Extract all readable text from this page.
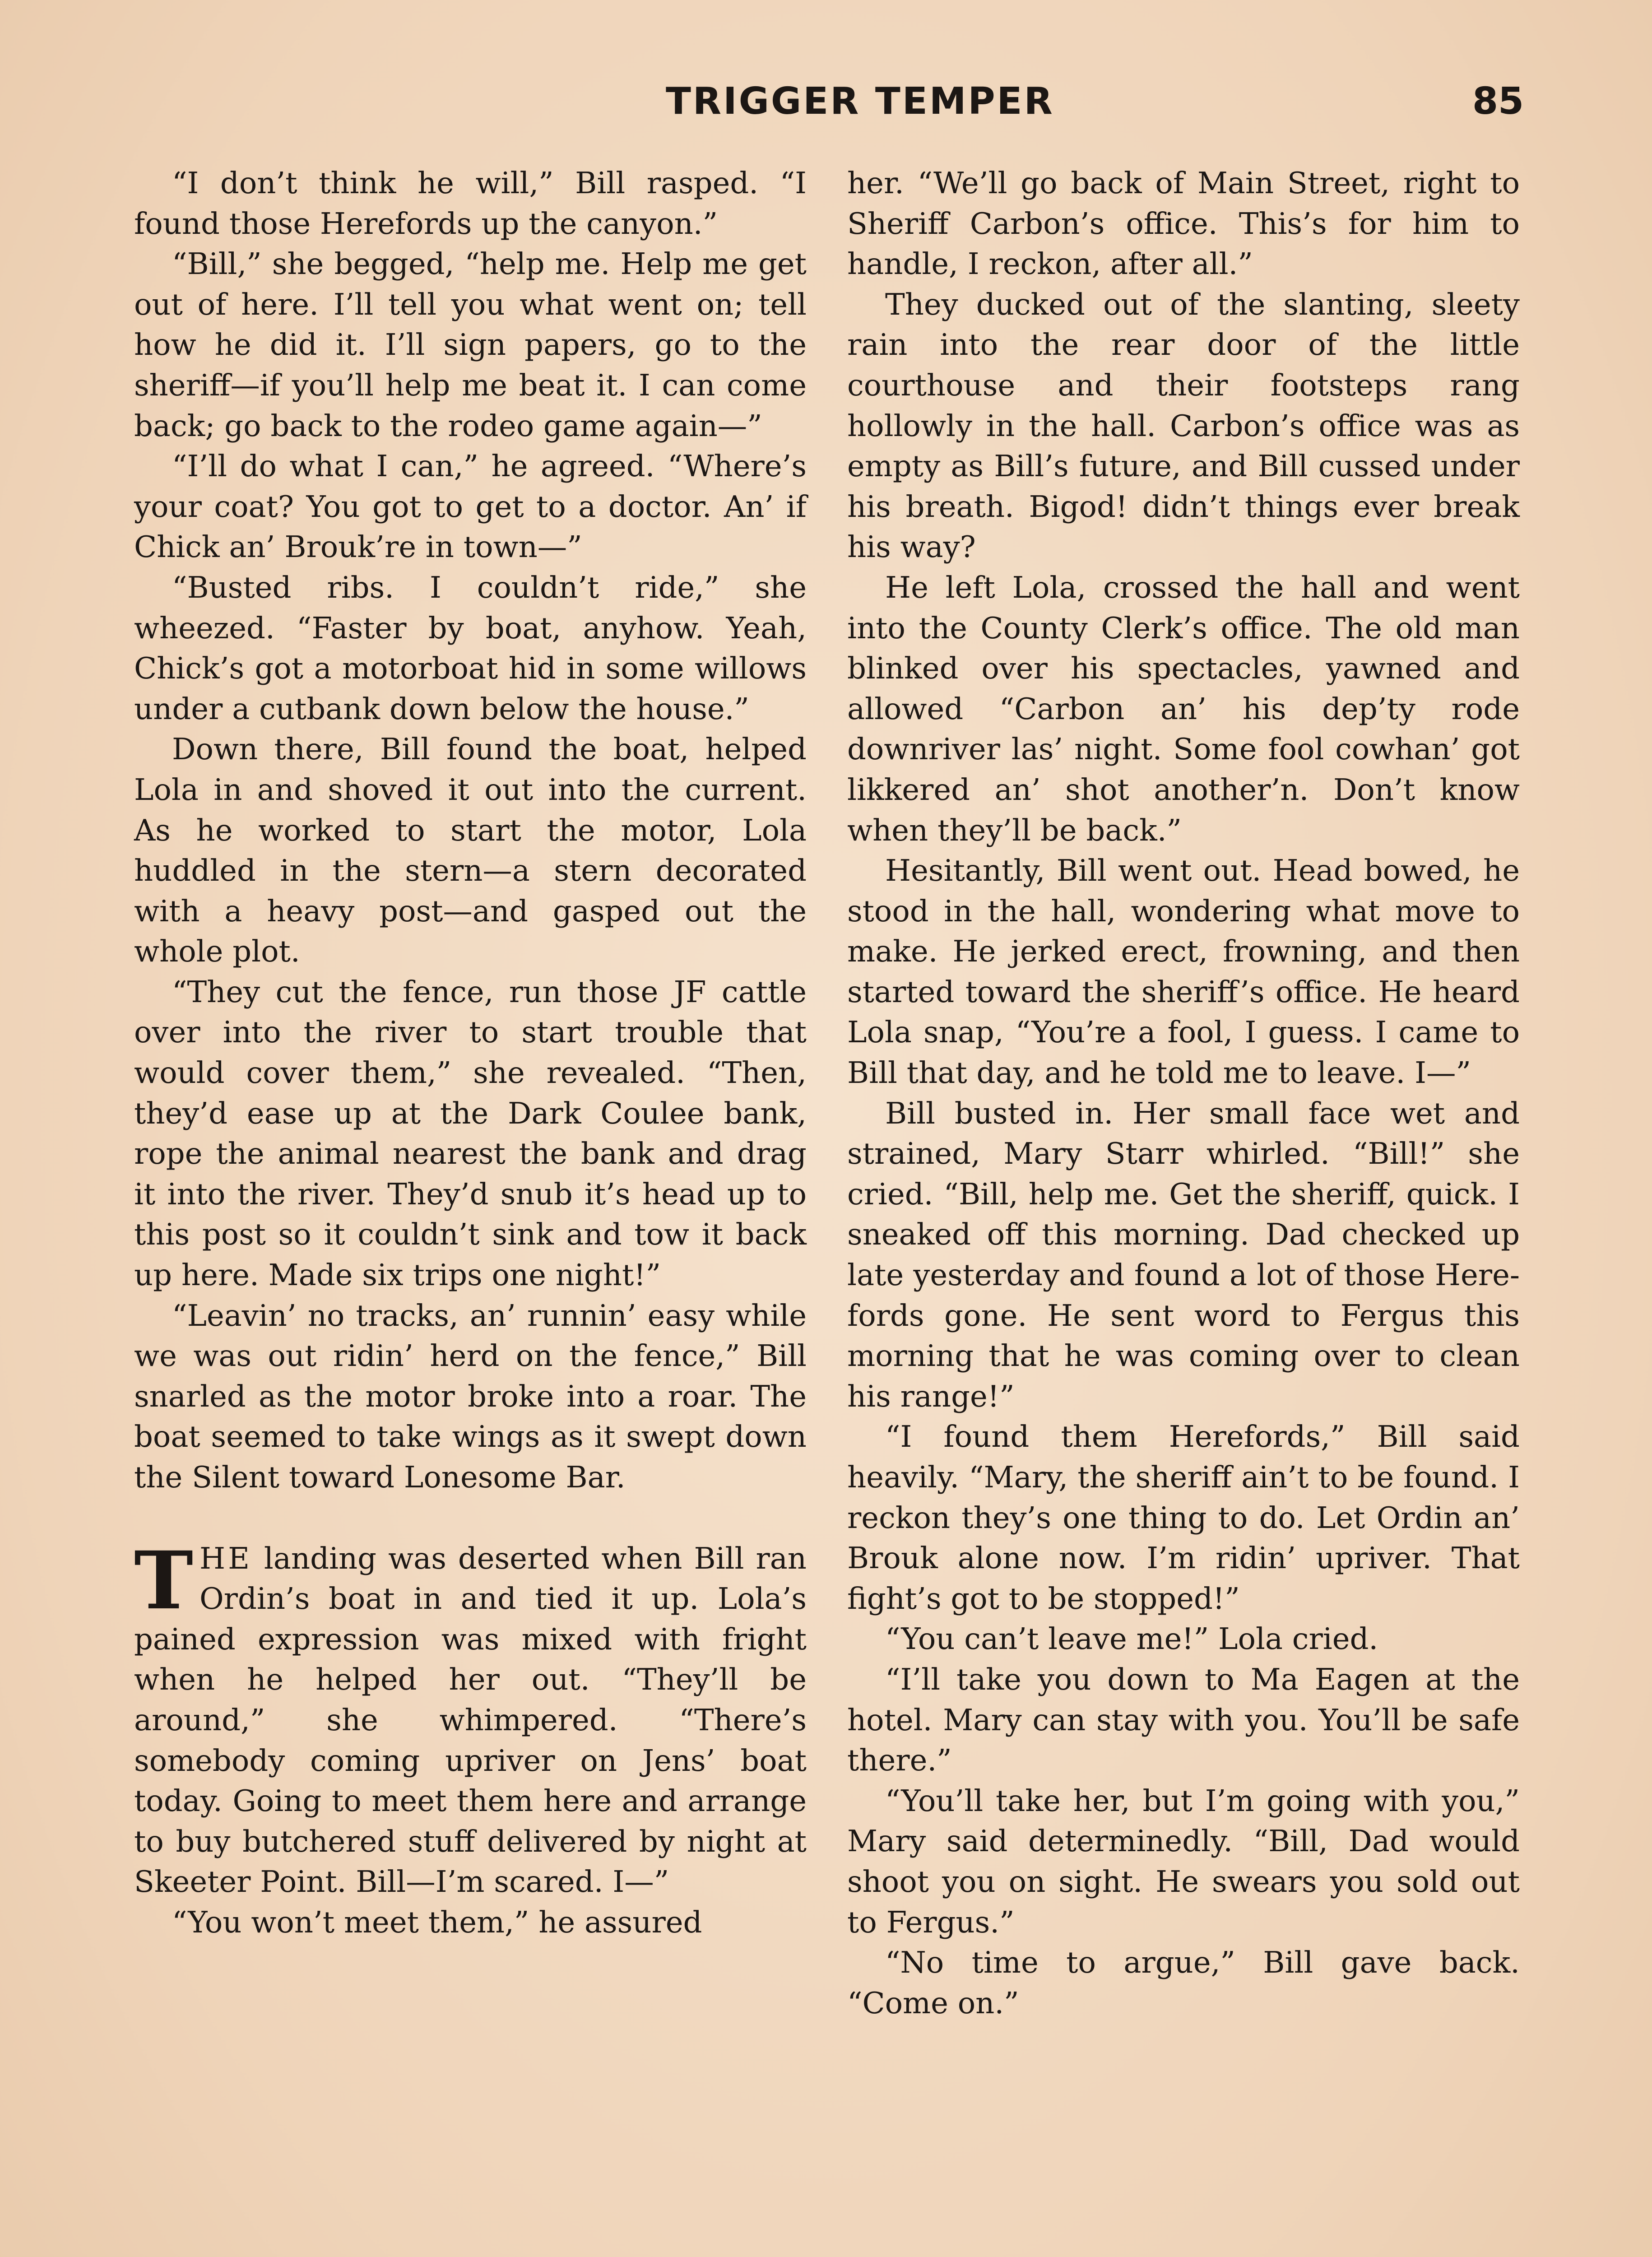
TRIGGER TEMPER	85

“I don’t think he will,” Bill rasped. “I found those Herefords up the canyon.”

“Bill,” she begged, “help me. Help me get out of here. I’ll tell you what went on; tell how he did it. I’ll sign papers, go to the sheriff—if you’ll help me beat it. I can come back; go back to the rodeo game again—”

“I’ll do what I can,” he agreed. “Where’s your coat? You got to get to a doctor. An’ if Chick an’ Brouk’re in town—”

“Busted ribs. I couldn’t ride,” she wheezed. “Faster by boat, anyhow. Yeah, Chick’s got a motorboat hid in some willows under a cutbank down below the house.”

Down there, Bill found the boat, helped Lola in and shoved it out into the current. As he worked to start the motor, Lola huddled in the stern—a stern decorated with a heavy post—and gasped out the whole plot.

“They cut the fence, run those JF cattle over into the river to start trouble that would cover them,” she revealed. “Then, they’d ease up at the Dark Coulee bank, rope the animal nearest the bank and drag it into the river. They’d snub it’s head up to this post so it couldn’t sink and tow it back up here. Made six trips one night!”

“Leavin’ no tracks, an’ runnin’ easy while we was out ridin’ herd on the fence,” Bill snarled as the motor broke into a roar. The boat seemed to take wings as it swept down the Silent toward Lonesome Bar.

THE landing was deserted when Bill ran Ordin’s boat in and tied it up. Lola’s pained expression was mixed with fright when he helped her out. “They’ll be around,” she whimpered. “There’s somebody coming upriver on Jens’ boat today. Going to meet them here and arrange to buy butchered stuff delivered by night at Skeeter Point. Bill—I’m scared. I—”

“You won’t meet them,” he assured

her. “We’ll go back of Main Street, right to Sheriff Carbon’s office. This’s for him to handle, I reckon, after all.”

They ducked out of the slanting, sleety rain into the rear door of the little courthouse and their footsteps rang hollowly in the hall. Carbon’s office was as empty as Bill’s future, and Bill cussed under his breath. Bigod! didn’t things ever break his way?

He left Lola, crossed the hall and went into the County Clerk’s office. The old man blinked over his spectacles, yawned and allowed “Carbon an’ his dep’ty rode downriver las’ night. Some fool cowhan’ got likkered an’ shot another’n. Don’t know when they’ll be back.”

Hesitantly, Bill went out. Head bowed, he stood in the hall, wondering what move to make. He jerked erect, frowning, and then started toward the sheriff’s office. He heard Lola snap, “You’re a fool, I guess. I came to Bill that day, and he told me to leave. I—”

Bill busted in. Her small face wet and strained, Mary Starr whirled. “Bill!” she cried. “Bill, help me. Get the sheriff, quick. I sneaked off this morning. Dad checked up late yesterday and found a lot of those Herefords gone. He sent word to Fergus this morning that he was coming over to clean his range!”

“I found them Herefords,” Bill said heavily. “Mary, the sheriff ain’t to be found. I reckon they’s one thing to do. Let Ordin an’ Brouk alone now. I’m ridin’ upriver. That fight’s got to be stopped!”

“You can’t leave me!” Lola cried.

“I’ll take you down to Ma Eagen at the hotel. Mary can stay with you. You’ll be safe there.”

“You’ll take her, but I’m going with you,” Mary said determinedly. “Bill, Dad would shoot you on sight. He swears you sold out to Fergus.”

“No time to argue,” Bill gave back. “Come on.”
